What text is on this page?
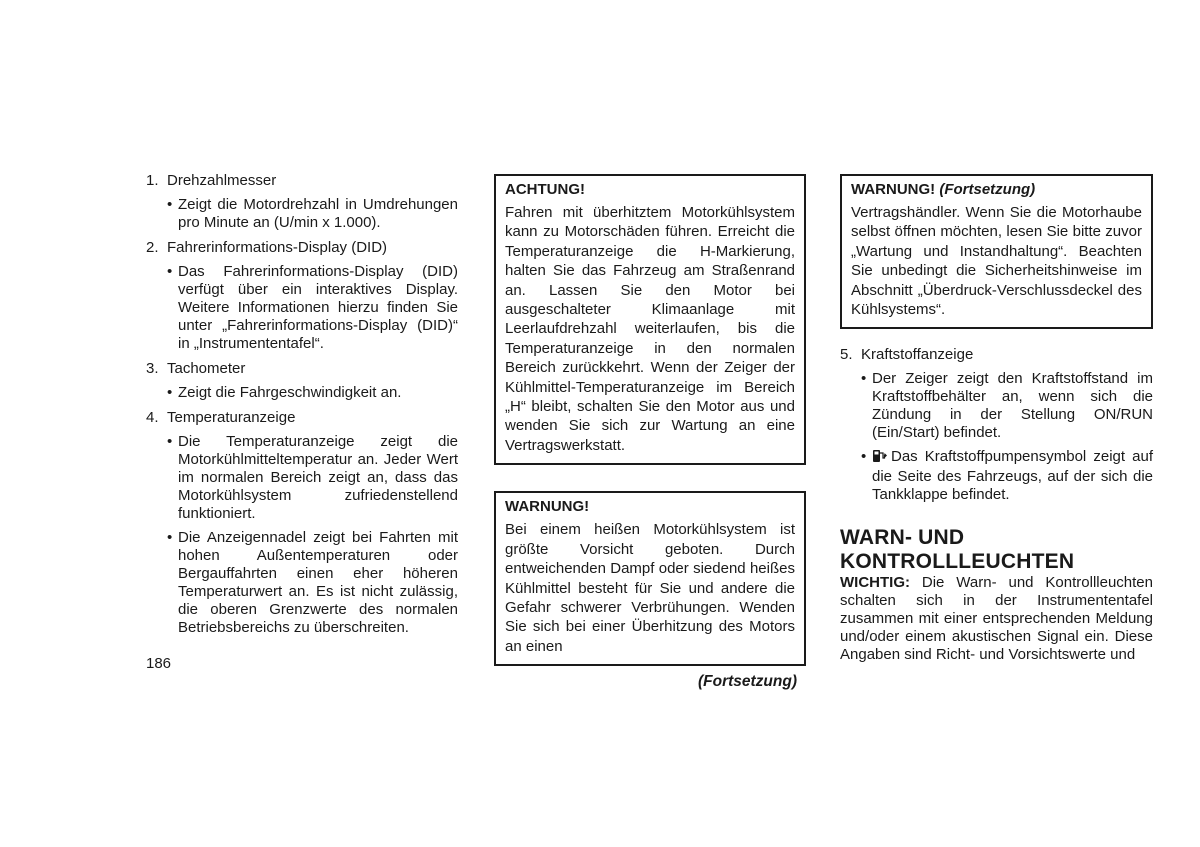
1. Drehzahlmesser
• Zeigt die Motordrehzahl in Umdrehungen pro Minute an (U/min x 1.000).
2. Fahrerinformations-Display (DID)
• Das Fahrerinformations-Display (DID) verfügt über ein interaktives Display. Weitere Informationen hierzu finden Sie unter „Fahrerinformations-Display (DID)“ in „Instrumententafel“.
3. Tachometer
• Zeigt die Fahrgeschwindigkeit an.
4. Temperaturanzeige
• Die Temperaturanzeige zeigt die Motorkühlmitteltemperatur an. Jeder Wert im normalen Bereich zeigt an, dass das Motorkühlsystem zufriedenstellend funktioniert.
• Die Anzeigennadel zeigt bei Fahrten mit hohen Außentemperaturen oder Bergauffahrten einen eher höheren Temperaturwert an. Es ist nicht zulässig, die oberen Grenzwerte des normalen Betriebsbereichs zu überschreiten.
186
ACHTUNG!
Fahren mit überhitztem Motorkühlsystem kann zu Motorschäden führen. Erreicht die Temperaturanzeige die H-Markierung, halten Sie das Fahrzeug am Straßenrand an. Lassen Sie den Motor bei ausgeschalteter Klimaanlage mit Leerlaufdrehzahl weiterlaufen, bis die Temperaturanzeige in den normalen Bereich zurückkehrt. Wenn der Zeiger der Kühlmittel-Temperaturanzeige im Bereich „H“ bleibt, schalten Sie den Motor aus und wenden Sie sich zur Wartung an eine Vertragswerkstatt.
WARNUNG!
Bei einem heißen Motorkühlsystem ist größte Vorsicht geboten. Durch entweichenden Dampf oder siedend heißes Kühlmittel besteht für Sie und andere die Gefahr schwerer Verbrühungen. Wenden Sie sich bei einer Überhitzung des Motors an einen
(Fortsetzung)
WARNUNG! (Fortsetzung)
Vertragshändler. Wenn Sie die Motorhaube selbst öffnen möchten, lesen Sie bitte zuvor „Wartung und Instandhaltung“. Beachten Sie unbedingt die Sicherheitshinweise im Abschnitt „Überdruck-Verschlussdeckel des Kühlsystems“.
5. Kraftstoffanzeige
• Der Zeiger zeigt den Kraftstoffstand im Kraftstoffbehälter an, wenn sich die Zündung in der Stellung ON/RUN (Ein/Start) befindet.
• Das Kraftstoffpumpensymbol zeigt auf die Seite des Fahrzeugs, auf der sich die Tankklappe befindet.
WARN- UND
KONTROLLLEUCHTEN
WICHTIG: Die Warn- und Kontrollleuchten schalten sich in der Instrumententafel zusammen mit einer entsprechenden Meldung und/oder einem akustischen Signal ein. Diese Angaben sind Richt- und Vorsichtswerte und
